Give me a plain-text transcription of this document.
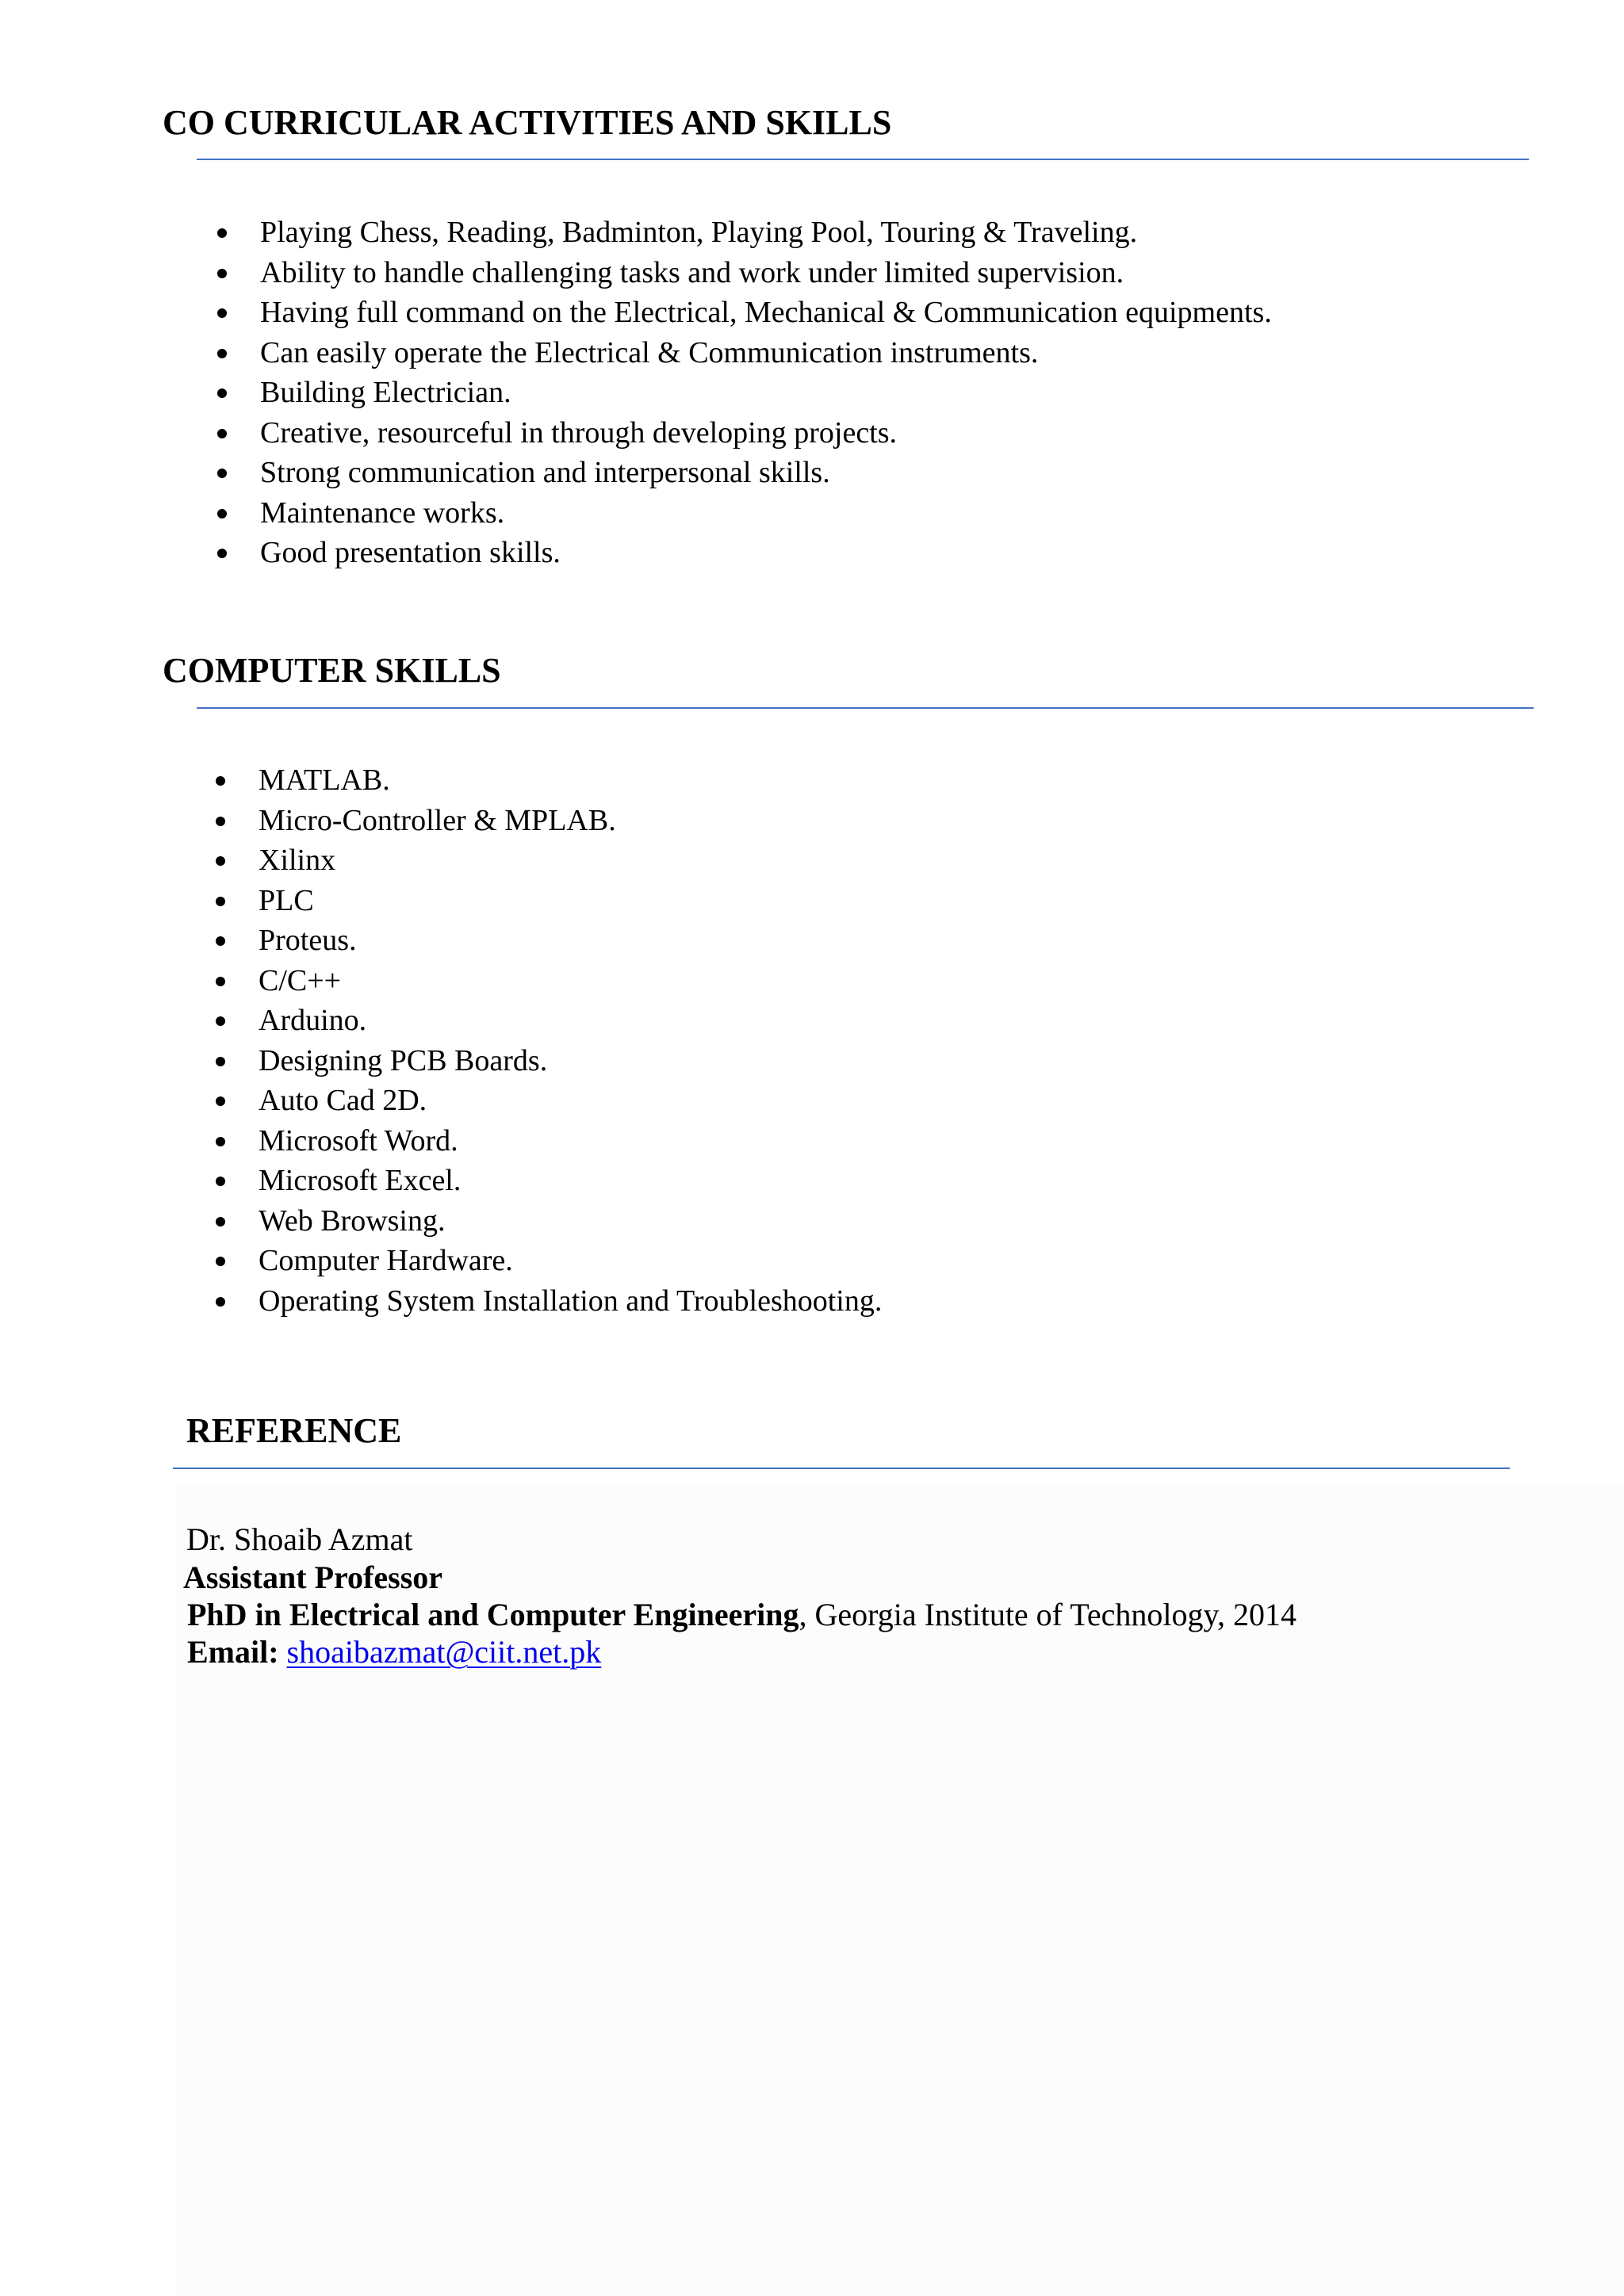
CO CURRICULAR ACTIVITIES AND SKILLS
Playing Chess, Reading, Badminton, Playing Pool, Touring & Traveling.
Ability to handle challenging tasks and work under limited supervision.
Having full command on the Electrical, Mechanical & Communication equipments.
Can easily operate the Electrical & Communication instruments.
Building Electrician.
Creative, resourceful in through developing projects.
Strong communication and interpersonal skills.
Maintenance works.
Good presentation skills.
COMPUTER SKILLS
MATLAB.
Micro-Controller & MPLAB.
Xilinx
PLC
Proteus.
C/C++
Arduino.
Designing PCB Boards.
Auto Cad 2D.
Microsoft Word.
Microsoft Excel.
Web Browsing.
Computer Hardware.
Operating System Installation and Troubleshooting.
REFERENCE
Dr. Shoaib Azmat
Assistant Professor
PhD in Electrical and Computer Engineering, Georgia Institute of Technology, 2014
Email: shoaibazmat@ciit.net.pk
